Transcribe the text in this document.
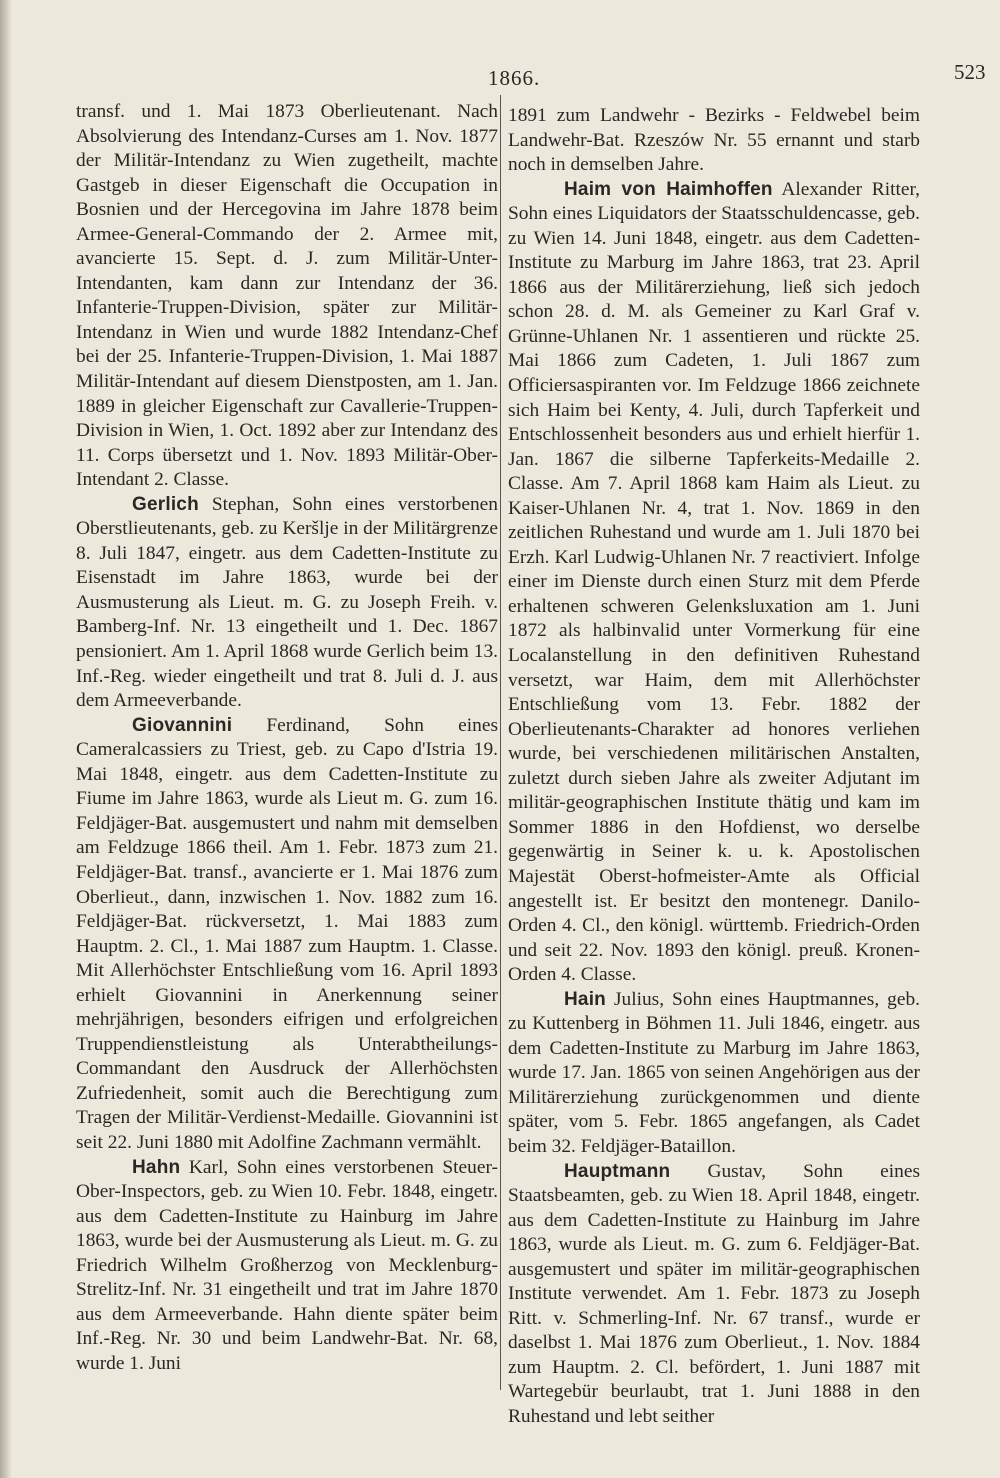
1866.	523

transf. und 1. Mai 1873 Oberlieutenant. Nach Absolvierung des Intendanz-Curses am 1. Nov. 1877 der Militär-Intendanz zu Wien zugetheilt, machte Gastgeb in dieser Eigenschaft die Occupation in Bosnien und der Hercegovina im Jahre 1878 beim Armee-General-Commando der 2. Armee mit, avancierte 15. Sept. d. J. zum Militär-Unter-Intendanten, kam dann zur Intendanz der 36. Infanterie-Truppen-Division, später zur Militär-Intendanz in Wien und wurde 1882 Intendanz-Chef bei der 25. Infanterie-Truppen-Division, 1. Mai 1887 Militär-Intendant auf diesem Dienstposten, am 1. Jan. 1889 in gleicher Eigenschaft zur Cavallerie-Truppen-Division in Wien, 1. Oct. 1892 aber zur Intendanz des 11. Corps übersetzt und 1. Nov. 1893 Militär-Ober-Intendant 2. Classe.

Gerlich Stephan, Sohn eines verstorbenen Oberstlieutenants, geb. zu Keršlje in der Militärgrenze 8. Juli 1847, eingetr. aus dem Cadetten-Institute zu Eisenstadt im Jahre 1863, wurde bei der Ausmusterung als Lieut. m. G. zu Joseph Freih. v. Bamberg-Inf. Nr. 13 eingetheilt und 1. Dec. 1867 pensioniert. Am 1. April 1868 wurde Gerlich beim 13. Inf.-Reg. wieder eingetheilt und trat 8. Juli d. J. aus dem Armeeverbande.

Giovannini Ferdinand, Sohn eines Cameralcassiers zu Triest, geb. zu Capo d'Istria 19. Mai 1848, eingetr. aus dem Cadetten-Institute zu Fiume im Jahre 1863, wurde als Lieut m. G. zum 16. Feldjäger-Bat. ausgemustert und nahm mit demselben am Feldzuge 1866 theil. Am 1. Febr. 1873 zum 21. Feldjäger-Bat. transf., avancierte er 1. Mai 1876 zum Oberlieut., dann, inzwischen 1. Nov. 1882 zum 16. Feldjäger-Bat. rückversetzt, 1. Mai 1883 zum Hauptm. 2. Cl., 1. Mai 1887 zum Hauptm. 1. Classe. Mit Allerhöchster Entschließung vom 16. April 1893 erhielt Giovannini in Anerkennung seiner mehrjährigen, besonders eifrigen und erfolgreichen Truppendienstleistung als Unterabtheilungs-Commandant den Ausdruck der Allerhöchsten Zufriedenheit, somit auch die Berechtigung zum Tragen der Militär-Verdienst-Medaille. Giovannini ist seit 22. Juni 1880 mit Adolfine Zachmann vermählt.

Hahn Karl, Sohn eines verstorbenen Steuer-Ober-Inspectors, geb. zu Wien 10. Febr. 1848, eingetr. aus dem Cadetten-Institute zu Hainburg im Jahre 1863, wurde bei der Ausmusterung als Lieut. m. G. zu Friedrich Wilhelm Großherzog von Mecklenburg-Strelitz-Inf. Nr. 31 eingetheilt und trat im Jahre 1870 aus dem Armeeverbande. Hahn diente später beim Inf.-Reg. Nr. 30 und beim Landwehr-Bat. Nr. 68, wurde 1. Juni

1891 zum Landwehr - Bezirks - Feldwebel beim Landwehr-Bat. Rzeszów Nr. 55 ernannt und starb noch in demselben Jahre.

Haim von Haimhoffen Alexander Ritter, Sohn eines Liquidators der Staatsschuldencasse, geb. zu Wien 14. Juni 1848, eingetr. aus dem Cadetten-Institute zu Marburg im Jahre 1863, trat 23. April 1866 aus der Militärerziehung, ließ sich jedoch schon 28. d. M. als Gemeiner zu Karl Graf v. Grünne-Uhlanen Nr. 1 assentieren und rückte 25. Mai 1866 zum Cadeten, 1. Juli 1867 zum Officiersaspiranten vor. Im Feldzuge 1866 zeichnete sich Haim bei Kenty, 4. Juli, durch Tapferkeit und Entschlossenheit besonders aus und erhielt hierfür 1. Jan. 1867 die silberne Tapferkeits-Medaille 2. Classe. Am 7. April 1868 kam Haim als Lieut. zu Kaiser-Uhlanen Nr. 4, trat 1. Nov. 1869 in den zeitlichen Ruhestand und wurde am 1. Juli 1870 bei Erzh. Karl Ludwig-Uhlanen Nr. 7 reactiviert. Infolge einer im Dienste durch einen Sturz mit dem Pferde erhaltenen schweren Gelenksluxation am 1. Juni 1872 als halbinvalid unter Vormerkung für eine Localanstellung in den definitiven Ruhestand versetzt, war Haim, dem mit Allerhöchster Entschließung vom 13. Febr. 1882 der Oberlieutenants-Charakter ad honores verliehen wurde, bei verschiedenen militärischen Anstalten, zuletzt durch sieben Jahre als zweiter Adjutant im militär-geographischen Institute thätig und kam im Sommer 1886 in den Hofdienst, wo derselbe gegenwärtig in Seiner k. u. k. Apostolischen Majestät Oberst-hofmeister-Amte als Official angestellt ist. Er besitzt den montenegr. Danilo-Orden 4. Cl., den königl. württemb. Friedrich-Orden und seit 22. Nov. 1893 den königl. preuß. Kronen-Orden 4. Classe.

Hain Julius, Sohn eines Hauptmannes, geb. zu Kuttenberg in Böhmen 11. Juli 1846, eingetr. aus dem Cadetten-Institute zu Marburg im Jahre 1863, wurde 17. Jan. 1865 von seinen Angehörigen aus der Militärerziehung zurückgenommen und diente später, vom 5. Febr. 1865 angefangen, als Cadet beim 32. Feldjäger-Bataillon.

Hauptmann Gustav, Sohn eines Staatsbeamten, geb. zu Wien 18. April 1848, eingetr. aus dem Cadetten-Institute zu Hainburg im Jahre 1863, wurde als Lieut. m. G. zum 6. Feldjäger-Bat. ausgemustert und später im militär-geographischen Institute verwendet. Am 1. Febr. 1873 zu Joseph Ritt. v. Schmerling-Inf. Nr. 67 transf., wurde er daselbst 1. Mai 1876 zum Oberlieut., 1. Nov. 1884 zum Hauptm. 2. Cl. befördert, 1. Juni 1887 mit Wartegebür beurlaubt, trat 1. Juni 1888 in den Ruhestand und lebt seither
